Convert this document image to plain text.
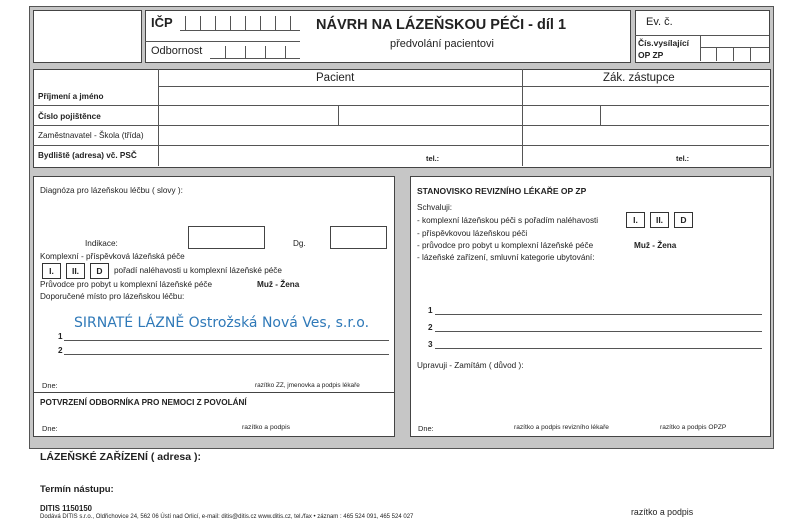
IČP
Odbornost
NÁVRH NA LÁZEŇSKOU PÉČI - díl 1
předvolání pacientovi
Ev. č.
Čís.vysílající
OP ZP
Pacient	Zák. zástupce
Příjmení a jméno
Číslo pojištěnce
Zaměstnavatel - Škola (třída)
Bydliště (adresa) vč. PSČ	tel.:	tel.:
Diagnóza pro lázeňskou léčbu ( slovy ):
Indikace:	Dg.
Komplexní - příspěvková lázeňská péče
I.	II.	D	pořadí naléhavosti u komplexní lázeňské péče
Průvodce pro pobyt u komplexní lázeňské péče	Muž - Žena
Doporučené místo pro lázeňskou léčbu:
SIRNATÉ LÁZNĚ Ostrožská Nová Ves, s.r.o.
1
2
Dne:	razítko ZZ, jmenovka a podpis lékaře
POTVRZENÍ ODBORNÍKA PRO NEMOCI Z POVOLÁNÍ
Dne:	razítko a podpis
STANOVISKO REVIZNÍHO LÉKAŘE OP ZP
Schvaluji:
- komplexní lázeňskou péči s pořadím naléhavosti	I.	II.	D
- příspěvkovou lázeňskou péči
- průvodce pro pobyt u komplexní lázeňské péče	Muž - Žena
- lázeňské zařízení, smluvní kategorie ubytování:
1
2
3
Upravuji - Zamítám ( důvod ):
Dne:	razítko a podpis revizního lékaře	razítko a podpis OPZP
LÁZEŇSKÉ ZAŘÍZENÍ ( adresa ):
Termín nástupu:
DITIS 1150150
Dodává DITIS s.r.o., Oldřichovice 24, 562 06 Ústí nad Orlicí, e-mail: ditis@ditis.cz www.ditis.cz, tel./fax • záznam : 465 524 091, 465 524 027	razítko a podpis
